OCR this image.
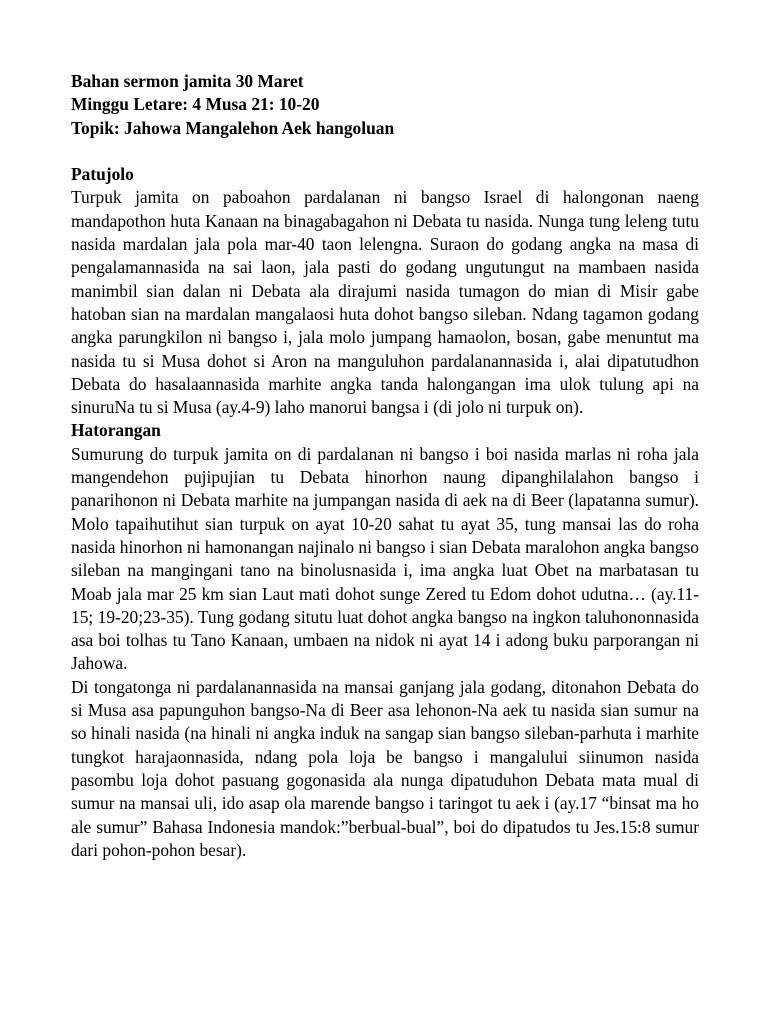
Bahan sermon jamita 30 Maret

Minggu Letare: 4 Musa 21: 10-20

Topik: Jahowa Mangalehon Aek hangoluan

Patujolo

Turpuk jamita on paboahon pardalanan ni bangso Israel di halongonan naeng mandapothon huta Kanaan na binagabagahon ni Debata tu nasida. Nunga tung leleng tutu nasida mardalan jala pola mar-40 taon lelengna. Suraon do godang angka na masa di pengalamannasida na sai laon, jala pasti do godang ungutungut na mambaen nasida manimbil sian dalan ni Debata ala dirajumi nasida tumagon do mian di Misir gabe hatoban sian na mardalan mangalaosi huta dohot bangso sileban. Ndang tagamon godang angka parungkilon ni bangso i, jala molo jumpang hamaolon, bosan, gabe menuntut ma nasida tu si Musa dohot si Aron na manguluhon pardalanannasida i, alai dipatutudhon Debata do hasalaannasida marhite angka tanda halongangan ima ulok tulung api na sinuruNa tu si Musa (ay.4-9) laho manorui bangsa i (di jolo ni turpuk on).

Hatorangan

Sumurung do turpuk jamita on di pardalanan ni bangso i boi nasida marlas ni roha jala mangendehon pujipujian tu Debata hinorhon naung dipanghilalahon bangso i panarihonon ni Debata marhite na jumpangan nasida di aek na di Beer (lapatanna sumur). Molo tapaihutihut sian turpuk on ayat 10-20 sahat tu ayat 35, tung mansai las do roha nasida hinorhon ni hamonangan najinalo ni bangso i sian Debata maralohon angka bangso sileban na mangingani tano na binolusnasida i, ima angka luat Obet na marbatasan tu Moab jala mar 25 km sian Laut mati dohot sunge Zered tu Edom dohot udutna… (ay.11-15; 19-20;23-35). Tung godang situtu luat dohot angka bangso na ingkon taluhononnasida asa boi tolhas tu Tano Kanaan, umbaen na nidok ni ayat 14 i adong buku parporangan ni Jahowa.

Di tongatonga ni pardalanannasida na mansai ganjang jala godang, ditonahon Debata do si Musa asa papunguhon bangso-Na di Beer asa lehonon-Na aek tu nasida sian sumur na so hinali nasida (na hinali ni angka induk na sangap sian bangso sileban-parhuta i marhite tungkot harajaonnasida, ndang pola loja be bangso i mangalului siinumon nasida pasombu loja dohot pasuang gogonasida ala nunga dipatuduhon Debata mata mual di sumur na mansai uli, ido asap ola marende bangso i taringot tu aek i (ay.17 “binsat ma ho ale sumur” Bahasa Indonesia mandok:”berbual-bual”, boi do dipatudos tu Jes.15:8 sumur dari pohon-pohon besar).
